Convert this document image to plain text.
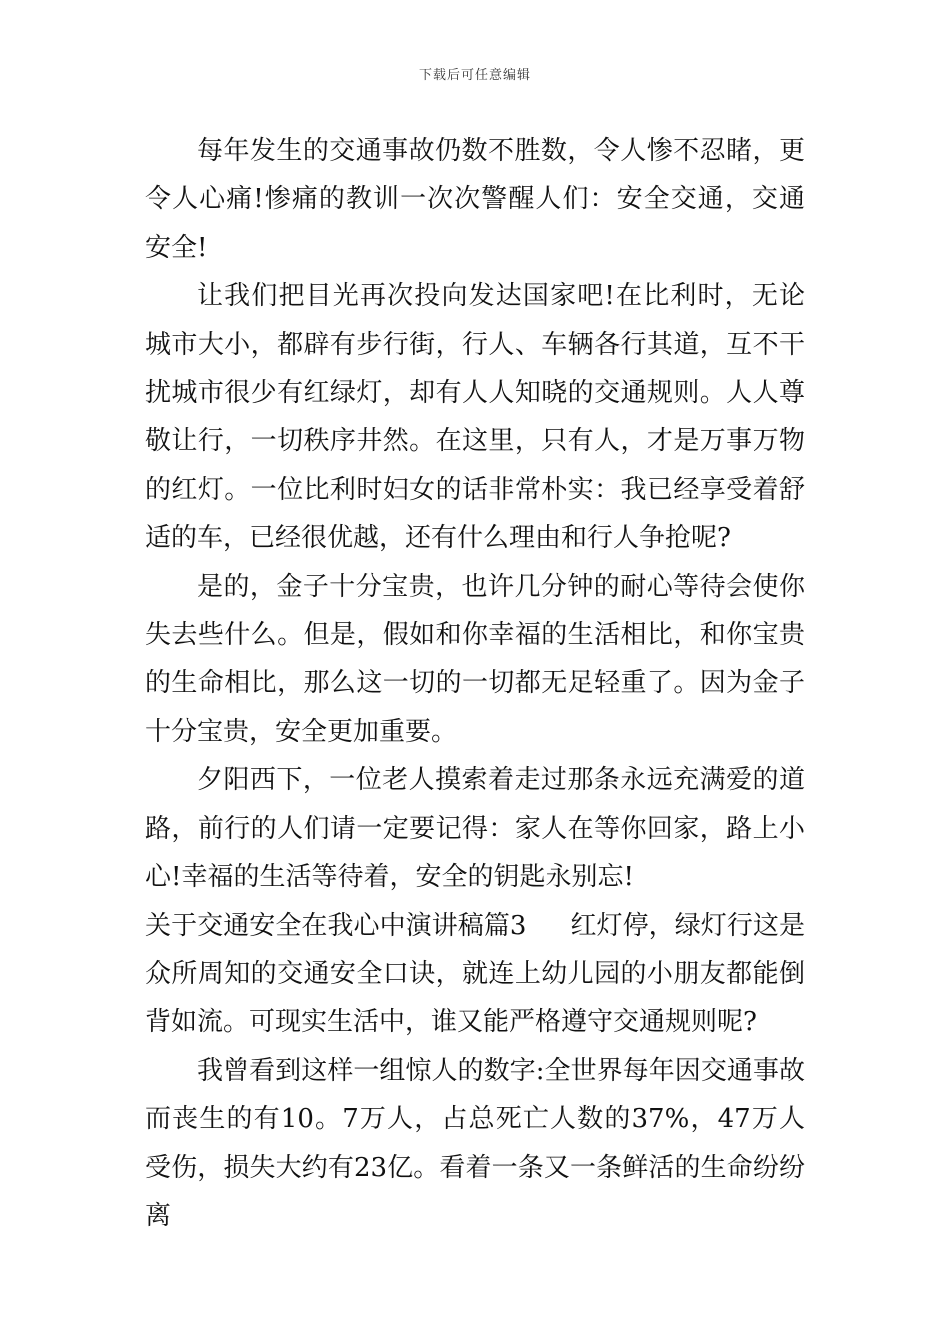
下载后可任意编辑

每年发生的交通事故仍数不胜数，令人惨不忍睹，更令人心痛!惨痛的教训一次次警醒人们：安全交通，交通安全!

让我们把目光再次投向发达国家吧!在比利时，无论城市大小，都辟有步行街，行人、车辆各行其道，互不干扰城市很少有红绿灯，却有人人知晓的交通规则。人人尊敬让行，一切秩序井然。在这里，只有人，才是万事万物的红灯。一位比利时妇女的话非常朴实：我已经享受着舒适的车，已经很优越，还有什么理由和行人争抢呢?

是的，金子十分宝贵，也许几分钟的耐心等待会使你失去些什么。但是，假如和你幸福的生活相比，和你宝贵的生命相比，那么这一切的一切都无足轻重了。因为金子十分宝贵，安全更加重要。

夕阳西下，一位老人摸索着走过那条永远充满爱的道路，前行的人们请一定要记得：家人在等你回家，路上小心!幸福的生活等待着，安全的钥匙永别忘!

关于交通安全在我心中演讲稿篇3 红灯停，绿灯行这是众所周知的交通安全口诀，就连上幼儿园的小朋友都能倒背如流。可现实生活中，谁又能严格遵守交通规则呢?

我曾看到这样一组惊人的数字:全世界每年因交通事故而丧生的有10。7万人，占总死亡人数的37%，47万人受伤，损失大约有23亿。看着一条又一条鲜活的生命纷纷离
